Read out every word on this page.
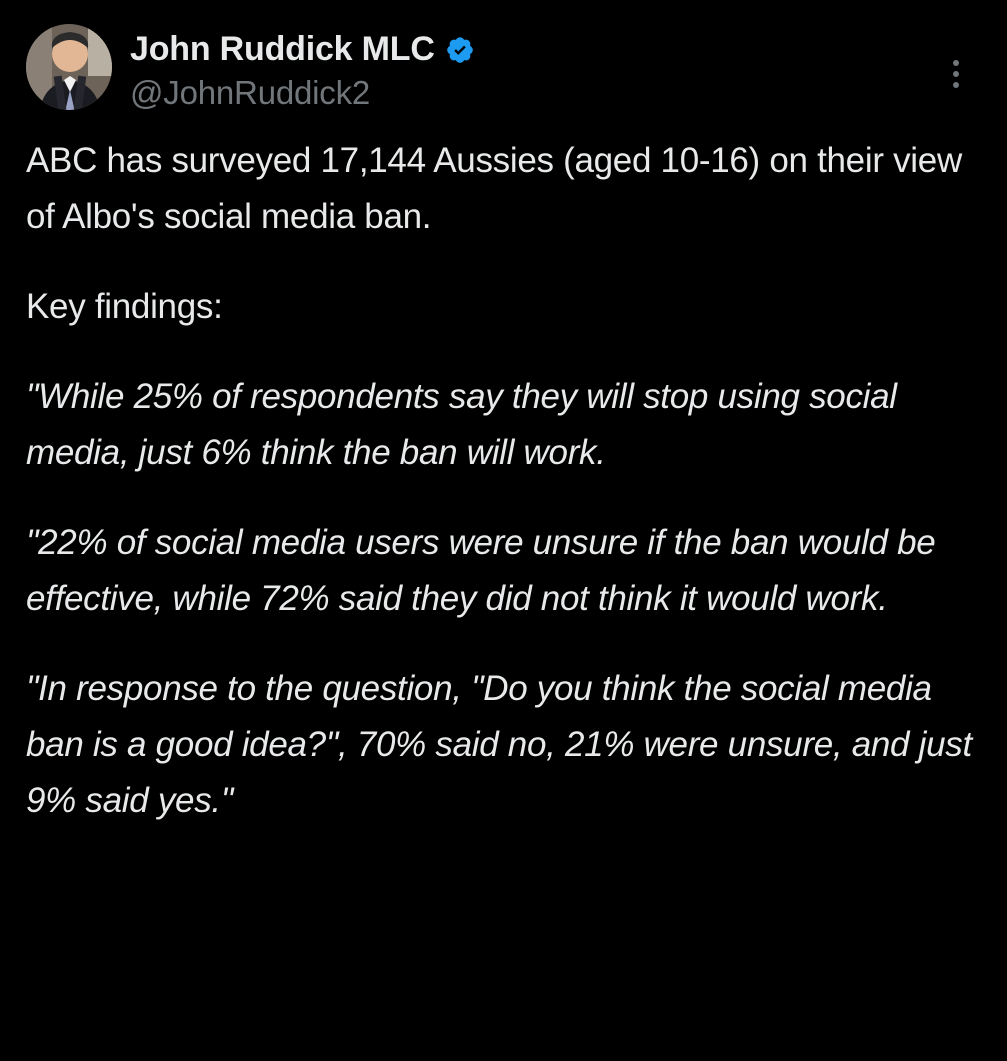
John Ruddick MLC
@JohnRuddick2

ABC has surveyed 17,144 Aussies (aged 10-16) on their view of Albo's social media ban.

Key findings:

"While 25% of respondents say they will stop using social media, just 6% think the ban will work.

"22% of social media users were unsure if the ban would be effective, while 72% said they did not think it would work.

"In response to the question, "Do you think the social media ban is a good idea?", 70% said no, 21% were unsure, and just 9% said yes."
